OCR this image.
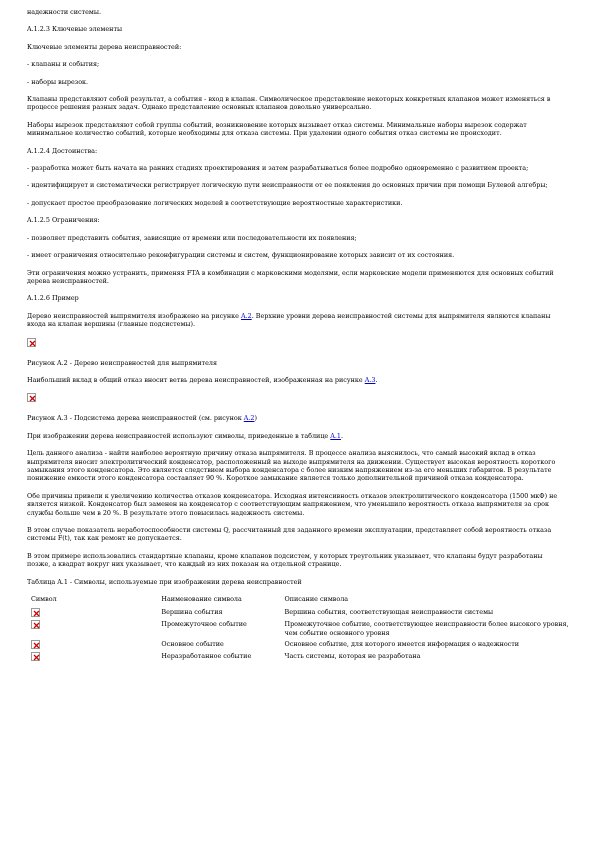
надежности системы.

A.1.2.3 Ключевые элементы

Ключевые элементы дерева неисправностей:

- клапаны и события;

- наборы вырезок.

Клапаны представляют собой результат, а события - вход в клапан. Символическое представление некоторых конкретных клапанов может изменяться в процессе решения разных задач. Однако представление основных клапанов довольно универсально.

Наборы вырезок представляют собой группы событий, возникновение которых вызывает отказ системы. Минимальные наборы вырезок содержат минимальное количество событий, которые необходимы для отказа системы. При удалении одного события отказ системы не происходит.

A.1.2.4 Достоинства:

- разработка может быть начата на ранних стадиях проектирования и затем разрабатываться более подробно одновременно с развитием проекта;

- идентифицирует и систематически регистрирует логическую пути неисправности от ее появления до основных причин при помощи Булевой алгебры;

- допускает простое преобразование логических моделей в соответствующие вероятностные характеристики.

A.1.2.5 Ограничения:

- позволяет представить события, зависящие от времени или последовательности их появления;

- имеет ограничения относительно реконфигурации системы и систем, функционирование которых зависит от их состояния.

Эти ограничения можно устранить, применяя FTA в комбинации с марковскими моделями, если марковские модели применяются для основных событий дерева неисправностей.

A.1.2.6 Пример

Дерево неисправностей выпрямителя изображено на рисунке A.2. Верхние уровни дерева неисправностей системы для выпрямителя являются клапаны входа на клапан вершины (главные подсистемы).

Рисунок A.2 - Дерево неисправностей для выпрямителя

Наибольший вклад в общий отказ вносит ветвь дерева неисправностей, изображенная на рисунке A.3.

Рисунок A.3 - Подсистема дерева неисправностей (см. рисунок A.2)

При изображении дерева неисправностей используют символы, приведенные в таблице A.1.

Цель данного анализа - найти наиболее вероятную причину отказа выпрямителя. В процессе анализа выяснилось, что самый высокий вклад в отказ выпрямителя вносит электролитический конденсатор, расположенный на выходе выпрямителя на движении. Существует высокая вероятность короткого замыкания этого конденсатора. Это является следствием выбора конденсатора с более низким напряжением из-за его меньших габаритов. В результате понижение емкости этого конденсатора составляет 90 %. Короткое замыкание является только дополнительной причиной отказа конденсатора.

Обе причины привели к увеличению количества отказов конденсатора. Исходная интенсивность отказов электролитического конденсатора (1500 мкФ) не является низкой. Конденсатор был заменен на конденсатор с соответствующим напряжением, что уменьшило вероятность отказа выпрямителя за срок службы больше чем в 20 %. В результате этого повысилась надежность системы.

В этом случае показатель неработоспособности системы Q, рассчитанный для заданного времени эксплуатации, представляет собой вероятность отказа системы F(t), так как ремонт не допускается.

В этом примере использовались стандартные клапаны, кроме клапанов подсистем, у которых треугольник указывает, что клапаны будут разработаны позже, а квадрат вокруг них указывает, что каждый из них показан на отдельной странице.

Таблица A.1 - Символы, используемые при изображении дерева неисправностей

Символ	Наименование символа	Описание символа

	Вершина события	Вершина события, соответствующая неисправности системы

	Промежуточное событие	Промежуточное событие, соответствующее неисправности более высокого уровня, чем событие основного уровня

	Основное событие	Основное событие, для которого имеется информация о надежности

	Неразработанное событие	Часть системы, которая не разработана
